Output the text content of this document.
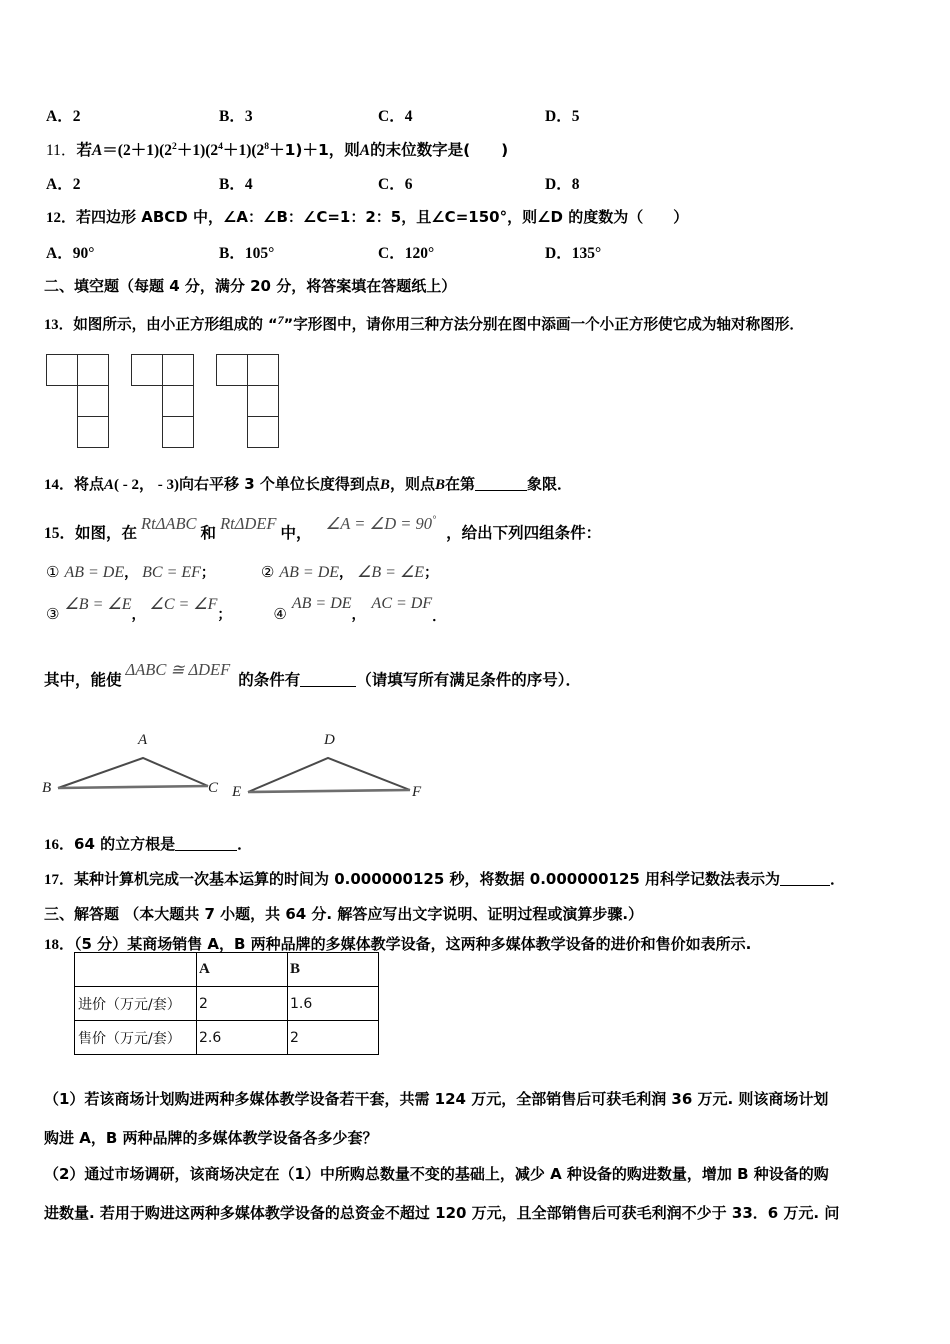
A．2	B．3	C．4	D．5
11．若$A=(2+1)(2^2+1)(2^4+1)(2^8+1)+1$，则A的末位数字是(　　)
A．2	B．4	C．6	D．8
12．若四边形 ABCD 中，∠A：∠B：∠C=1：2：5，且∠C=150°，则∠D 的度数为（　　）
A．90°	B．105°	C．120°	D．135°
二、填空题（每题 4 分，满分 20 分，将答案填在答题纸上）
13．如图所示，由小正方形组成的 “$^7$”字形图中，请你用三种方法分别在图中添画一个小正方形使它成为轴对称图形．
14．将点A( - 2， - 3)向右平移 3 个单位长度得到点B，则点B在第	象限．
15．如图，在 RtΔABC 和 RtΔDEF 中， ∠A = ∠D = 90°，给出下列四组条件：
① AB = DE， BC = EF；	② AB = DE， ∠B = ∠E；
③∠B = ∠E，∠C = ∠F；	④AB = DE，AC = DF．
其中，能使ΔABC ≅ ΔDEF的条件有	（请填写所有满足条件的序号）．
A
B	C
D
E	F
16．64 的立方根是	．
17．某种计算机完成一次基本运算的时间为 0.000000125 秒，将数据 0.000000125 用科学记数法表示为	．
三、解答题 （本大题共 7 小题，共 64 分. 解答应写出文字说明、证明过程或演算步骤.）
18．（5 分）某商场销售 A，B 两种品牌的多媒体教学设备，这两种多媒体教学设备的进价和售价如表所示.
	A	B
进价（万元/套）	2	1.6
售价（万元/套）	2.6	2
（1）若该商场计划购进两种多媒体教学设备若干套，共需 124 万元，全部销售后可获毛利润 36 万元. 则该商场计划
购进 A，B 两种品牌的多媒体教学设备各多少套？
（2）通过市场调研，该商场决定在（1）中所购总数量不变的基础上，减少 A 种设备的购进数量，增加 B 种设备的购
进数量. 若用于购进这两种多媒体教学设备的总资金不超过 120 万元，且全部销售后可获毛利润不少于 33．6 万元. 问
